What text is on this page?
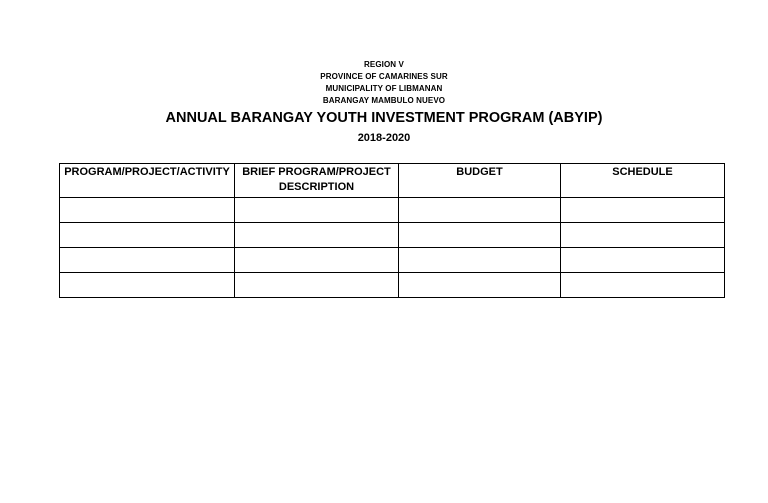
REGION V
PROVINCE OF CAMARINES SUR
MUNICIPALITY OF LIBMANAN
BARANGAY MAMBULO NUEVO
ANNUAL BARANGAY YOUTH INVESTMENT PROGRAM (ABYIP)
2018-2020
PROGRAM/PROJECT/ACTIVITY	BRIEF PROGRAM/PROJECT DESCRIPTION	BUDGET	SCHEDULE
